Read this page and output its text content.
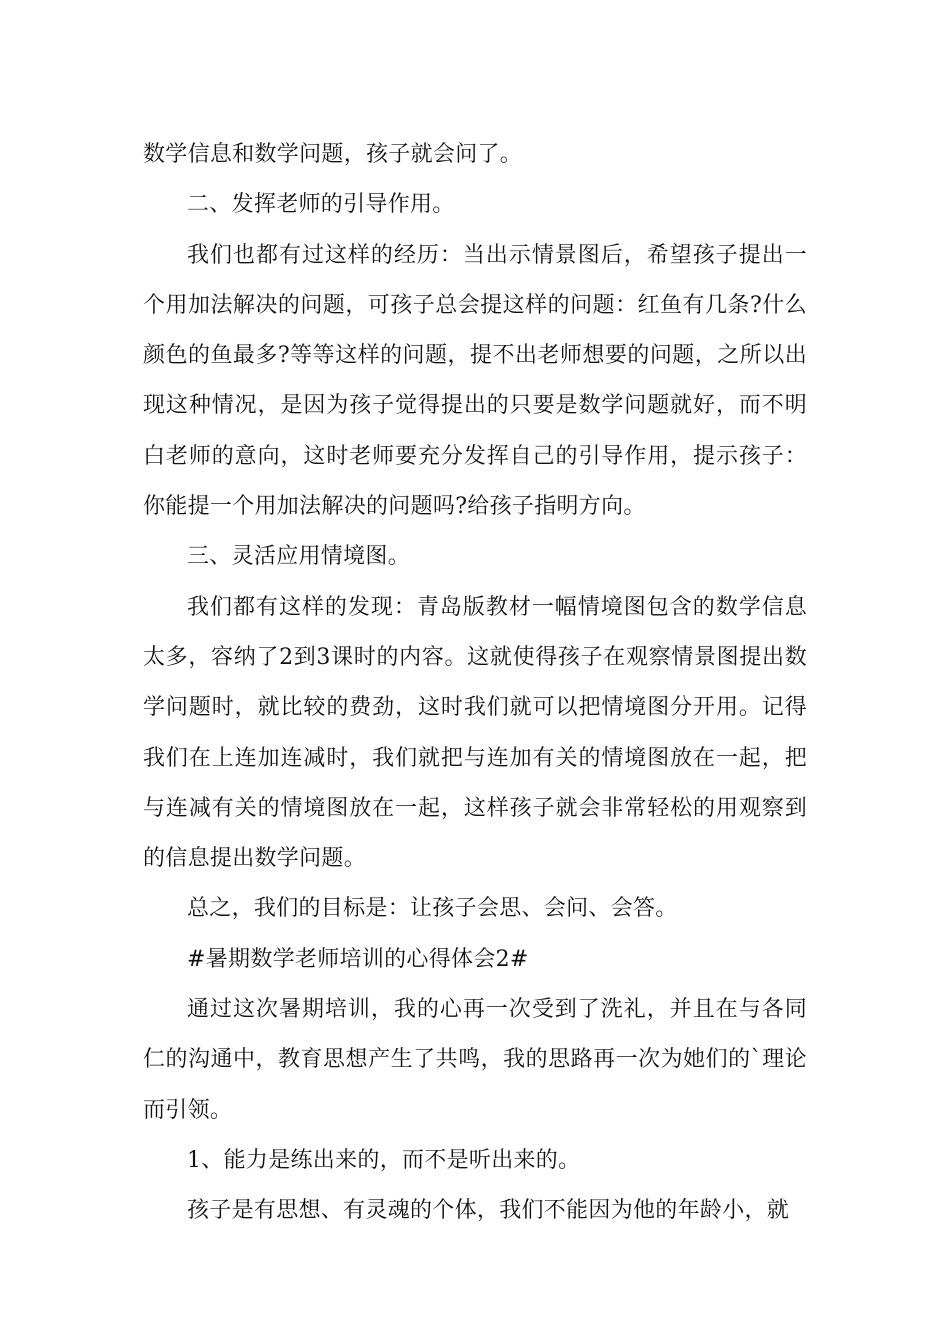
数学信息和数学问题，孩子就会问了。

二、发挥老师的引导作用。

我们也都有过这样的经历：当出示情景图后，希望孩子提出一个用加法解决的问题，可孩子总会提这样的问题：红鱼有几条?什么颜色的鱼最多?等等这样的问题，提不出老师想要的问题，之所以出现这种情况，是因为孩子觉得提出的只要是数学问题就好，而不明白老师的意向，这时老师要充分发挥自己的引导作用，提示孩子：你能提一个用加法解决的问题吗?给孩子指明方向。

三、灵活应用情境图。

我们都有这样的发现：青岛版教材一幅情境图包含的数学信息太多，容纳了2到3课时的内容。这就使得孩子在观察情景图提出数学问题时，就比较的费劲，这时我们就可以把情境图分开用。记得我们在上连加连减时，我们就把与连加有关的情境图放在一起，把与连减有关的情境图放在一起，这样孩子就会非常轻松的用观察到的信息提出数学问题。

总之，我们的目标是：让孩子会思、会问、会答。

#暑期数学老师培训的心得体会2#

通过这次暑期培训，我的心再一次受到了洗礼，并且在与各同仁的沟通中，教育思想产生了共鸣，我的思路再一次为她们的`理论而引领。

1、能力是练出来的，而不是听出来的。

孩子是有思想、有灵魂的个体，我们不能因为他的年龄小，就
